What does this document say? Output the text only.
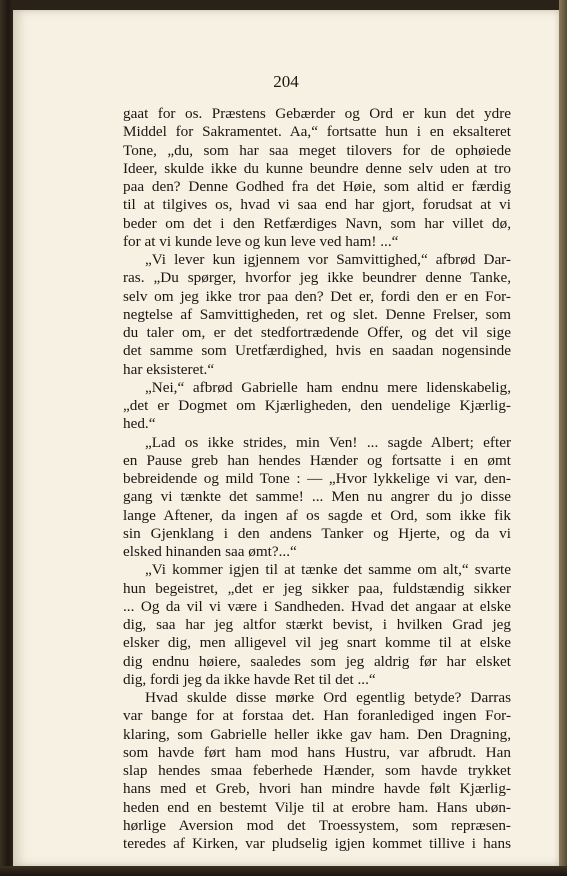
204
gaat for os. Præstens Gebærder og Ord er kun det ydre
Middel for Sakramentet. Aa,“ fortsatte hun i en eksalteret
Tone, „du, som har saa meget tilovers for de ophøiede
Ideer, skulde ikke du kunne beundre denne selv uden at tro
paa den? Denne Godhed fra det Høie, som altid er færdig
til at tilgives os, hvad vi saa end har gjort, forudsat at vi
beder om det i den Retfærdiges Navn, som har villet dø,
for at vi kunde leve og kun leve ved ham! ...“
„Vi lever kun igjennem vor Samvittighed,“ afbrød Dar-
ras. „Du spørger, hvorfor jeg ikke beundrer denne Tanke,
selv om jeg ikke tror paa den? Det er, fordi den er en For-
negtelse af Samvittigheden, ret og slet. Denne Frelser, som
du taler om, er det stedfortrædende Offer, og det vil sige
det samme som Uretfærdighed, hvis en saadan nogensinde
har eksisteret.“
„Nei,“ afbrød Gabrielle ham endnu mere lidenskabelig,
„det er Dogmet om Kjærligheden, den uendelige Kjærlig-
hed.“
„Lad os ikke strides, min Ven! ... sagde Albert; efter
en Pause greb han hendes Hænder og fortsatte i en ømt
bebreidende og mild Tone : — „Hvor lykkelige vi var, den-
gang vi tænkte det samme! ... Men nu angrer du jo disse
lange Aftener, da ingen af os sagde et Ord, som ikke fik
sin Gjenklang i den andens Tanker og Hjerte, og da vi
elsked hinanden saa ømt?...“
„Vi kommer igjen til at tænke det samme om alt,“ svarte
hun begeistret, „det er jeg sikker paa, fuldstændig sikker
... Og da vil vi være i Sandheden. Hvad det angaar at elske
dig, saa har jeg altfor stærkt bevist, i hvilken Grad jeg
elsker dig, men alligevel vil jeg snart komme til at elske
dig endnu høiere, saaledes som jeg aldrig før har elsket
dig, fordi jeg da ikke havde Ret til det ...“
Hvad skulde disse mørke Ord egentlig betyde? Darras
var bange for at forstaa det. Han foranlediged ingen For-
klaring, som Gabrielle heller ikke gav ham. Den Dragning,
som havde ført ham mod hans Hustru, var afbrudt. Han
slap hendes smaa feberhede Hænder, som havde trykket
hans med et Greb, hvori han mindre havde følt Kjærlig-
heden end en bestemt Vilje til at erobre ham. Hans ubøn-
hørlige Aversion mod det Troessystem, som repræsen-
teredes af Kirken, var pludselig igjen kommet tillive i hans
